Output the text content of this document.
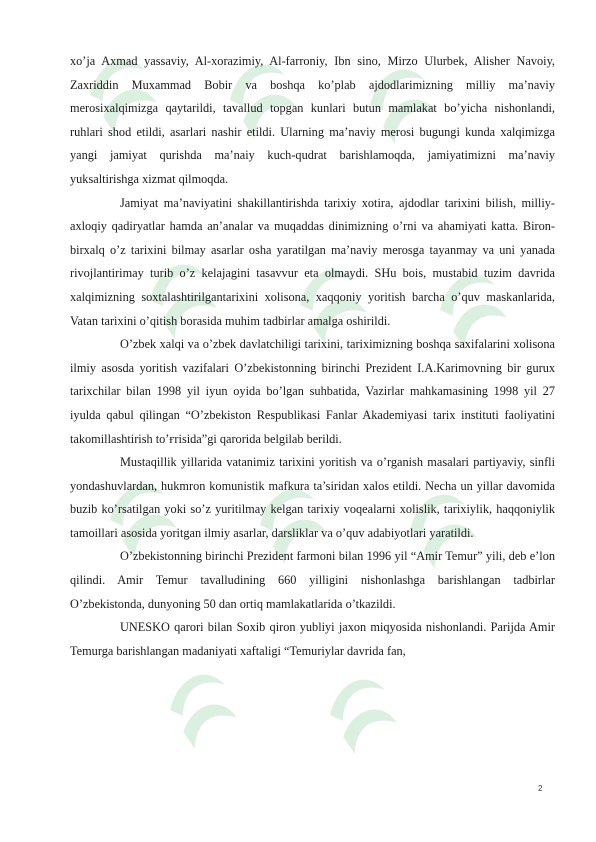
xo’ja Axmad yassaviy, Al-xorazimiy, Al-farroniy, Ibn sino, Mirzo Ulurbek, Alisher Navoiy, Zaxriddin Muxammad Bobir va boshqa ko’plab ajdodlarimizning milliy ma’naviy merosixalqimizga qaytarildi, tavallud topgan kunlari butun mamlakat bo’yicha nishonlandi, ruhlari shod etildi, asarlari nashir etildi. Ularning ma’naviy merosi bugungi kunda xalqimizga yangi jamiyat qurishda ma’naiy kuch-qudrat barishlamoqda, jamiyatimizni ma’naviy yuksaltirishga xizmat qilmoqda.

Jamiyat ma’naviyatini shakillantirishda tarixiy xotira, ajdodlar tarixini bilish, milliy-axloqiy qadiryatlar hamda an’analar va muqaddas dinimizning o’rni va ahamiyati katta. Biron-birxalq o’z tarixini bilmay asarlar osha yaratilgan ma’naviy merosga tayanmay va uni yanada rivojlantirimay turib o’z kelajagini tasavvur eta olmaydi. SHu bois, mustabid tuzim davrida xalqimizning soxtalashtirilgantarixini xolisona, xaqqoniy yoritish barcha o’quv maskanlarida, Vatan tarixini o’qitish borasida muhim tadbirlar amalga oshirildi.

O’zbek xalqi va o’zbek davlatchiligi tarixini, tariximizning boshqa saxifalarini xolisona ilmiy asosda yoritish vazifalari O’zbekistonning birinchi Prezident I.A.Karimovning bir gurux tarixchilar bilan 1998 yil iyun oyida bo’lgan suhbatida, Vazirlar mahkamasining 1998 yil 27 iyulda qabul qilingan “O’zbekiston Respublikasi Fanlar Akademiyasi tarix instituti faoliyatini takomillashtirish to’ғrisida”gi qarorida belgilab berildi.

Mustaqillik yillarida vatanimiz tarixini yoritish va o’rganish masalari partiyaviy, sinfli yondashuvlardan, hukmron komunistik mafkura ta’siridan xalos etildi. Necha un yillar davomida buzib ko’rsatilgan yoki so’z yuritilmay kelgan tarixiy voqealarni xolislik, tarixiylik, haqqoniylik tamoillari asosida yoritgan ilmiy asarlar, darsliklar va o’quv adabiyotlari yaratildi.

O’zbekistonning birinchi Prezident farmoni bilan 1996 yil “Amir Temur” yili, deb e’lon qilindi. Amir Temur tavalludining 660 yilligini nishonlashga barishlangan tadbirlar O’zbekistonda, dunyoning 50 dan ortiq mamlakatlarida o’tkazildi.

UNESKO qarori bilan Soxib qiron yubliyi jaxon miqyosida nishonlandi. Parijda Amir Temurga barishlangan madaniyati xaftaligi “Temuriylar davrida fan,

2
